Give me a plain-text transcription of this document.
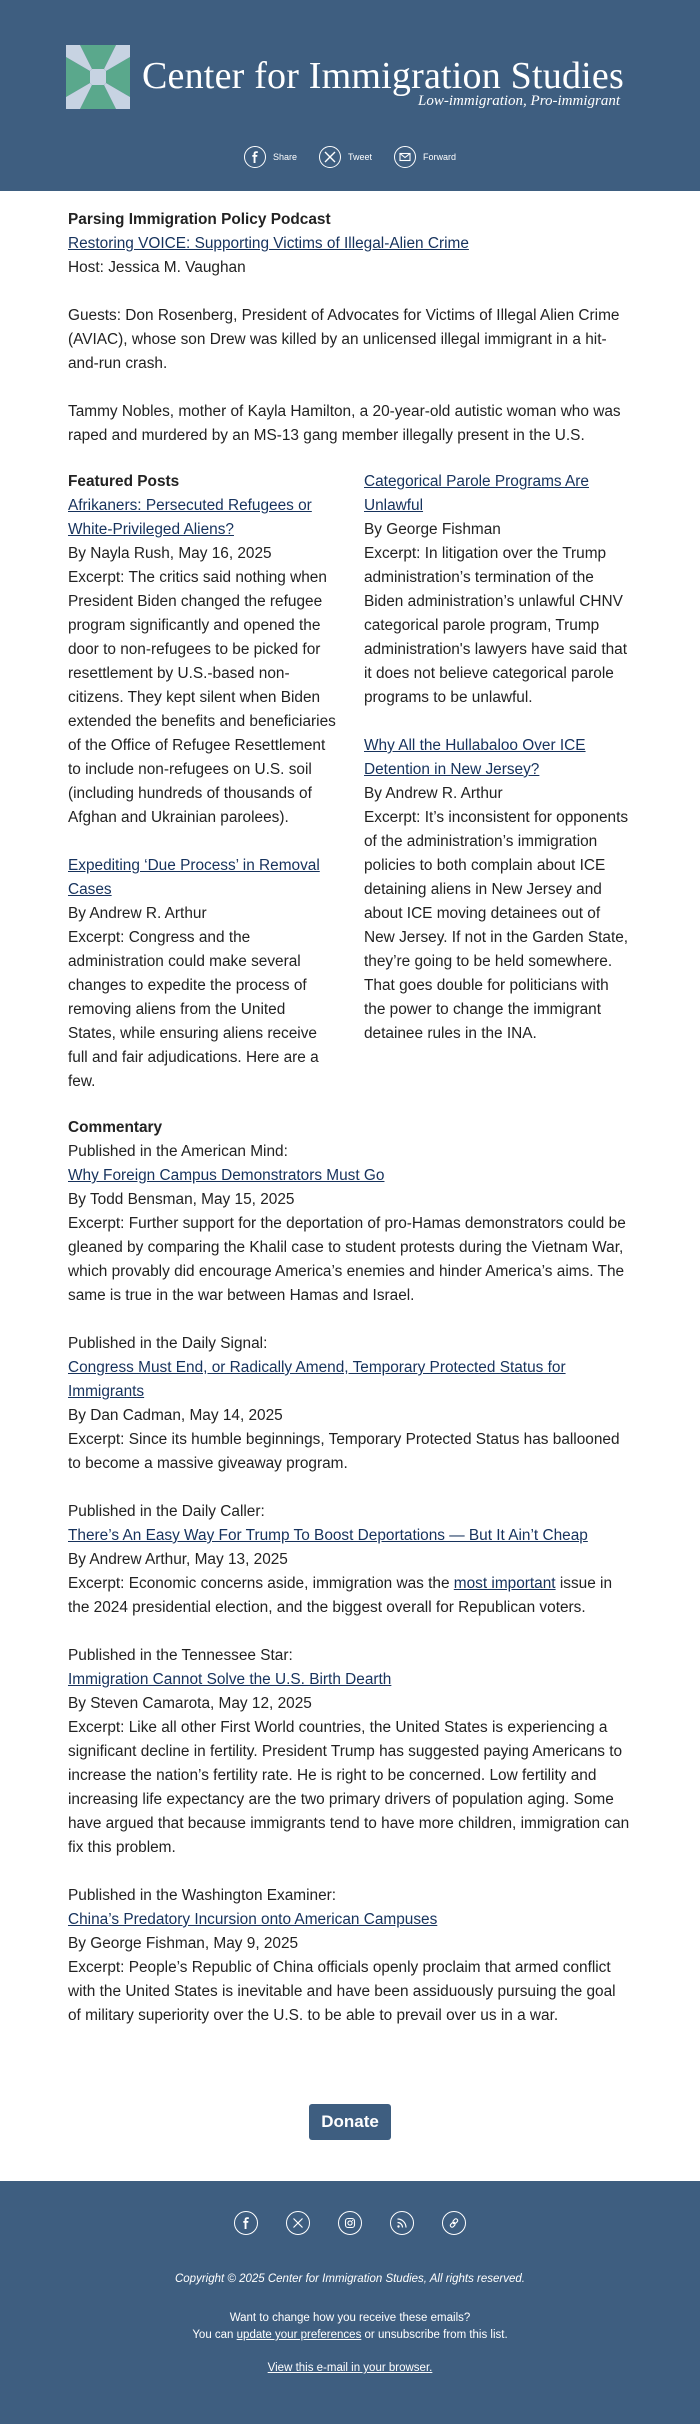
Center for Immigration Studies
Low-immigration, Pro-immigrant
Share	Tweet	Forward

Parsing Immigration Policy Podcast

Restoring VOICE: Supporting Victims of Illegal-Alien Crime

Host: Jessica M. Vaughan

Guests: Don Rosenberg, President of Advocates for Victims of Illegal Alien Crime (AVIAC), whose son Drew was killed by an unlicensed illegal immigrant in a hit-and-run crash.

Tammy Nobles, mother of Kayla Hamilton, a 20-year-old autistic woman who was raped and murdered by an MS-13 gang member illegally present in the U.S.

Featured Posts

Afrikaners: Persecuted Refugees or White-Privileged Aliens?

By Nayla Rush, May 16, 2025

Excerpt: The critics said nothing when President Biden changed the refugee program significantly and opened the door to non-refugees to be picked for resettlement by U.S.-based non-citizens. They kept silent when Biden extended the benefits and beneficiaries of the Office of Refugee Resettlement to include non-refugees on U.S. soil (including hundreds of thousands of Afghan and Ukrainian parolees).

Expediting ‘Due Process’ in Removal Cases

By Andrew R. Arthur

Excerpt: Congress and the administration could make several changes to expedite the process of removing aliens from the United States, while ensuring aliens receive full and fair adjudications. Here are a few.

Categorical Parole Programs Are Unlawful

By George Fishman

Excerpt: In litigation over the Trump administration’s termination of the Biden administration’s unlawful CHNV categorical parole program, Trump administration's lawyers have said that it does not believe categorical parole programs to be unlawful.

Why All the Hullabaloo Over ICE Detention in New Jersey?

By Andrew R. Arthur

Excerpt: It’s inconsistent for opponents of the administration’s immigration policies to both complain about ICE detaining aliens in New Jersey and about ICE moving detainees out of New Jersey. If not in the Garden State, they’re going to be held somewhere. That goes double for politicians with the power to change the immigrant detainee rules in the INA.

Commentary

Published in the American Mind:

Why Foreign Campus Demonstrators Must Go

By Todd Bensman, May 15, 2025

Excerpt: Further support for the deportation of pro-Hamas demonstrators could be gleaned by comparing the Khalil case to student protests during the Vietnam War, which provably did encourage America’s enemies and hinder America’s aims. The same is true in the war between Hamas and Israel.

Published in the Daily Signal:

Congress Must End, or Radically Amend, Temporary Protected Status for Immigrants

By Dan Cadman, May 14, 2025

Excerpt: Since its humble beginnings, Temporary Protected Status has ballooned to become a massive giveaway program.

Published in the Daily Caller:

There’s An Easy Way For Trump To Boost Deportations — But It Ain’t Cheap

By Andrew Arthur, May 13, 2025

Excerpt: Economic concerns aside, immigration was the most important issue in the 2024 presidential election, and the biggest overall for Republican voters.

Published in the Tennessee Star:

Immigration Cannot Solve the U.S. Birth Dearth

By Steven Camarota, May 12, 2025

Excerpt: Like all other First World countries, the United States is experiencing a significant decline in fertility. President Trump has suggested paying Americans to increase the nation’s fertility rate. He is right to be concerned. Low fertility and increasing life expectancy are the two primary drivers of population aging. Some have argued that because immigrants tend to have more children, immigration can fix this problem.

Published in the Washington Examiner:

China’s Predatory Incursion onto American Campuses

By George Fishman, May 9, 2025

Excerpt: People’s Republic of China officials openly proclaim that armed conflict with the United States is inevitable and have been assiduously pursuing the goal of military superiority over the U.S. to be able to prevail over us in a war.

Donate
Copyright © 2025 Center for Immigration Studies, All rights reserved.
Want to change how you receive these emails?
You can update your preferences or unsubscribe from this list.
View this e-mail in your browser.
